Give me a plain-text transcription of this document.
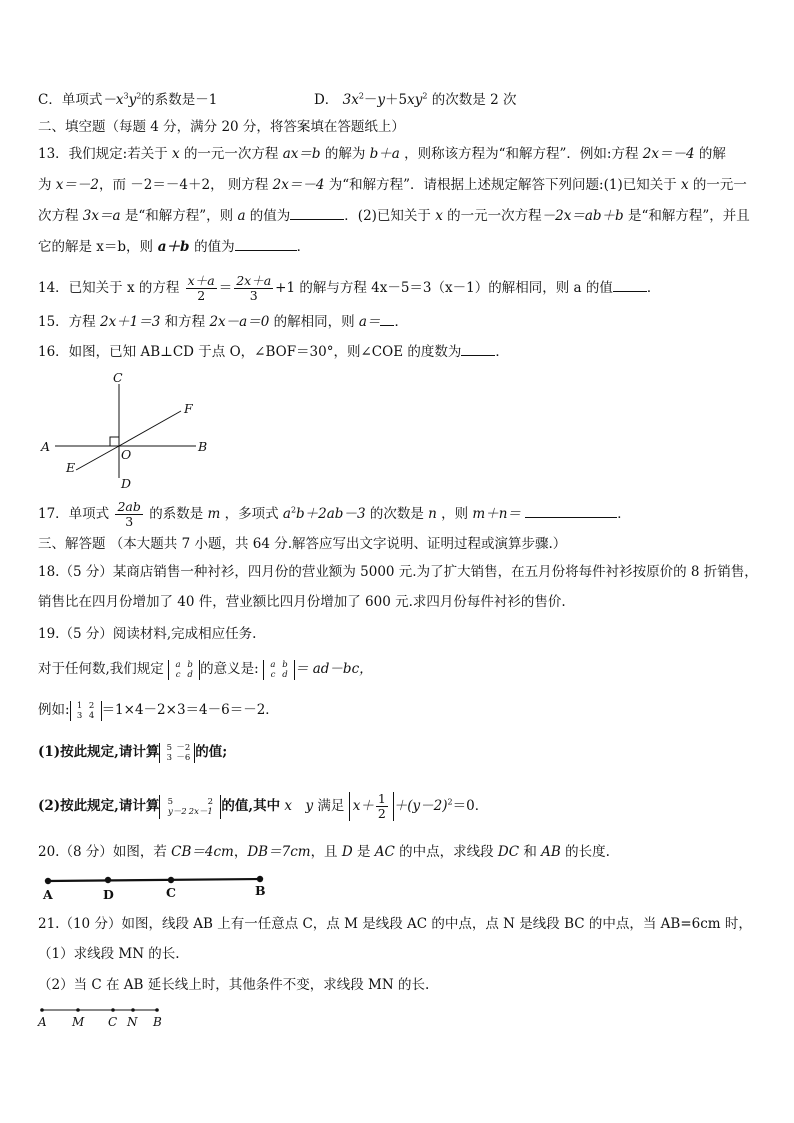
C．单项式$-x^3y^2$的系数是－1	D． $3x^2-y+5xy^2$ 的次数是 2 次
二、填空题（每题 4 分，满分 20 分，将答案填在答题纸上）
13．我们规定:若关于 x 的一元一次方程 ax＝b 的解为 b＋a ，则称该方程为“和解方程”．例如:方程 2x＝－4 的解
为 x＝－2，而 －2＝－4＋2， 则方程 2x＝－4 为“和解方程”．请根据上述规定解答下列问题:(1)已知关于 x 的一元一
次方程 3x＝a 是“和解方程”，则 a 的值为	．(2)已知关于 x 的一元一次方程－2x＝ab＋b 是“和解方程”，并且
它的解是 x＝b，则 a＋b 的值为	．
14．已知关于 x 的方程 $\frac{x+a}{2} = \frac{2x+a}{3} +1$ 的解与方程 4x－5＝3（x－1）的解相同，则 a 的值	．
15．方程 2x＋1＝3 和方程 2x－a＝0 的解相同，则 a＝ ．
16．如图，已知 AB⊥CD 于点 O，∠BOF＝30°，则∠COE 的度数为	．
C
F
A	B
O
E
D
A	D	C	B
A M C N B
17．单项式 $\frac{2ab}{3}$ 的系数是 m ，多项式 $a^2b+2ab-3$ 的次数是 n ，则 m＋n＝	．
三、解答题 （本大题共 7 小题，共 64 分.解答应写出文字说明、证明过程或演算步骤.）
18.（5 分）某商店销售一种衬衫，四月份的营业额为 5000 元.为了扩大销售，在五月份将每件衬衫按原价的 8 折销售，
销售比在四月份增加了 40 件，营业额比四月份增加了 600 元.求四月份每件衬衫的售价.
19.（5 分）阅读材料,完成相应任务.
对于任何数,我们规定	a b
c d 的意义是:	a b
c d ＝ ad－bc，
例如: 1 2
3 4 ＝1×4－2×3＝4－6＝－2．
(1)按此规定,请计算 5 －2
3 －6 的值;
(2)按此规定,请计算 5	2
y－2 2x－1 的值,其中 x　y 满足 $x+ \frac{1}{2} +(y-2)^2=0$．
20.（8 分）如图，若 CB＝4cm，DB＝7cm，且 D 是 AC 的中点，求线段 DC 和 AB 的长度.
21.（10 分）如图，线段 AB 上有一任意点 C，点 M 是线段 AC 的中点，点 N 是线段 BC 的中点，当 AB=6cm 时，
（1）求线段 MN 的长.
（2）当 C 在 AB 延长线上时，其他条件不变，求线段 MN 的长.
